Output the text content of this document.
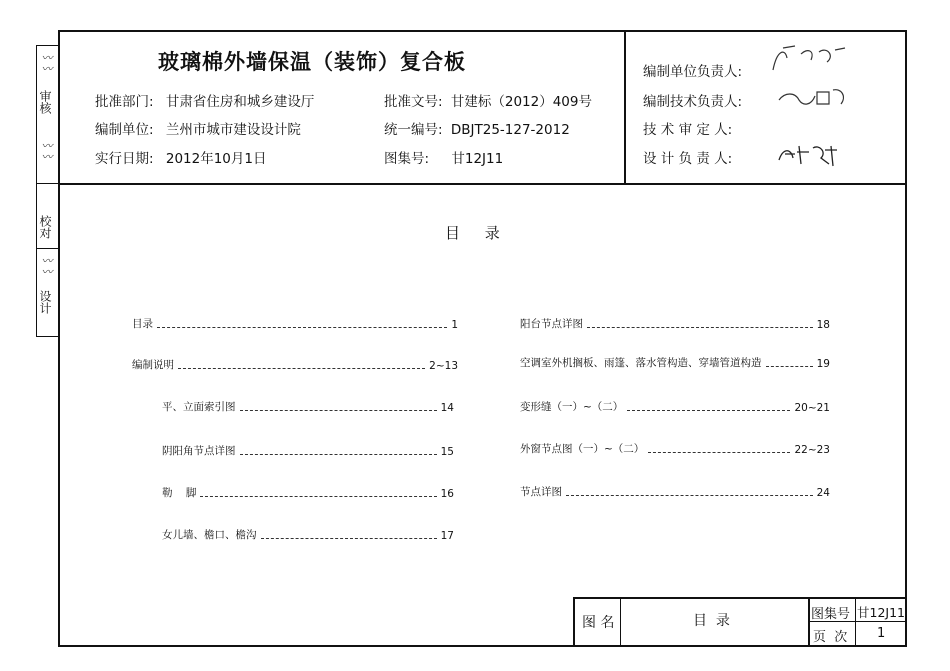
设计
校对
审核
〰〰
〰〰
〰〰	玻璃棉外墙保温（装饰）复合板
批准部门: 甘肃省住房和城乡建设厅
编制单位: 兰州市城市建设设计院
实行日期: 2012年10月1日
批准文号: 甘建标（2012）409号
统一编号: DBJT25-127-2012
图集号: 甘12J11
编制单位负责人:
编制技术负责人:
技 术 审 定 人:
设 计 负 责 人:
目 录
目录	1
编制说明	2~13
平、立面索引图	14
阴阳角节点详图	15
勒    脚	16
女儿墙、檐口、檐沟	17
阳台节点详图	18
空调室外机搁板、雨篷、落水管构造、穿墙管道构造	19
变形缝（一）~（二）	20~21
外窗节点图（一）~（二）	22~23
节点详图	24
图 名	目  录	图集号 甘12J11
页  次 1
